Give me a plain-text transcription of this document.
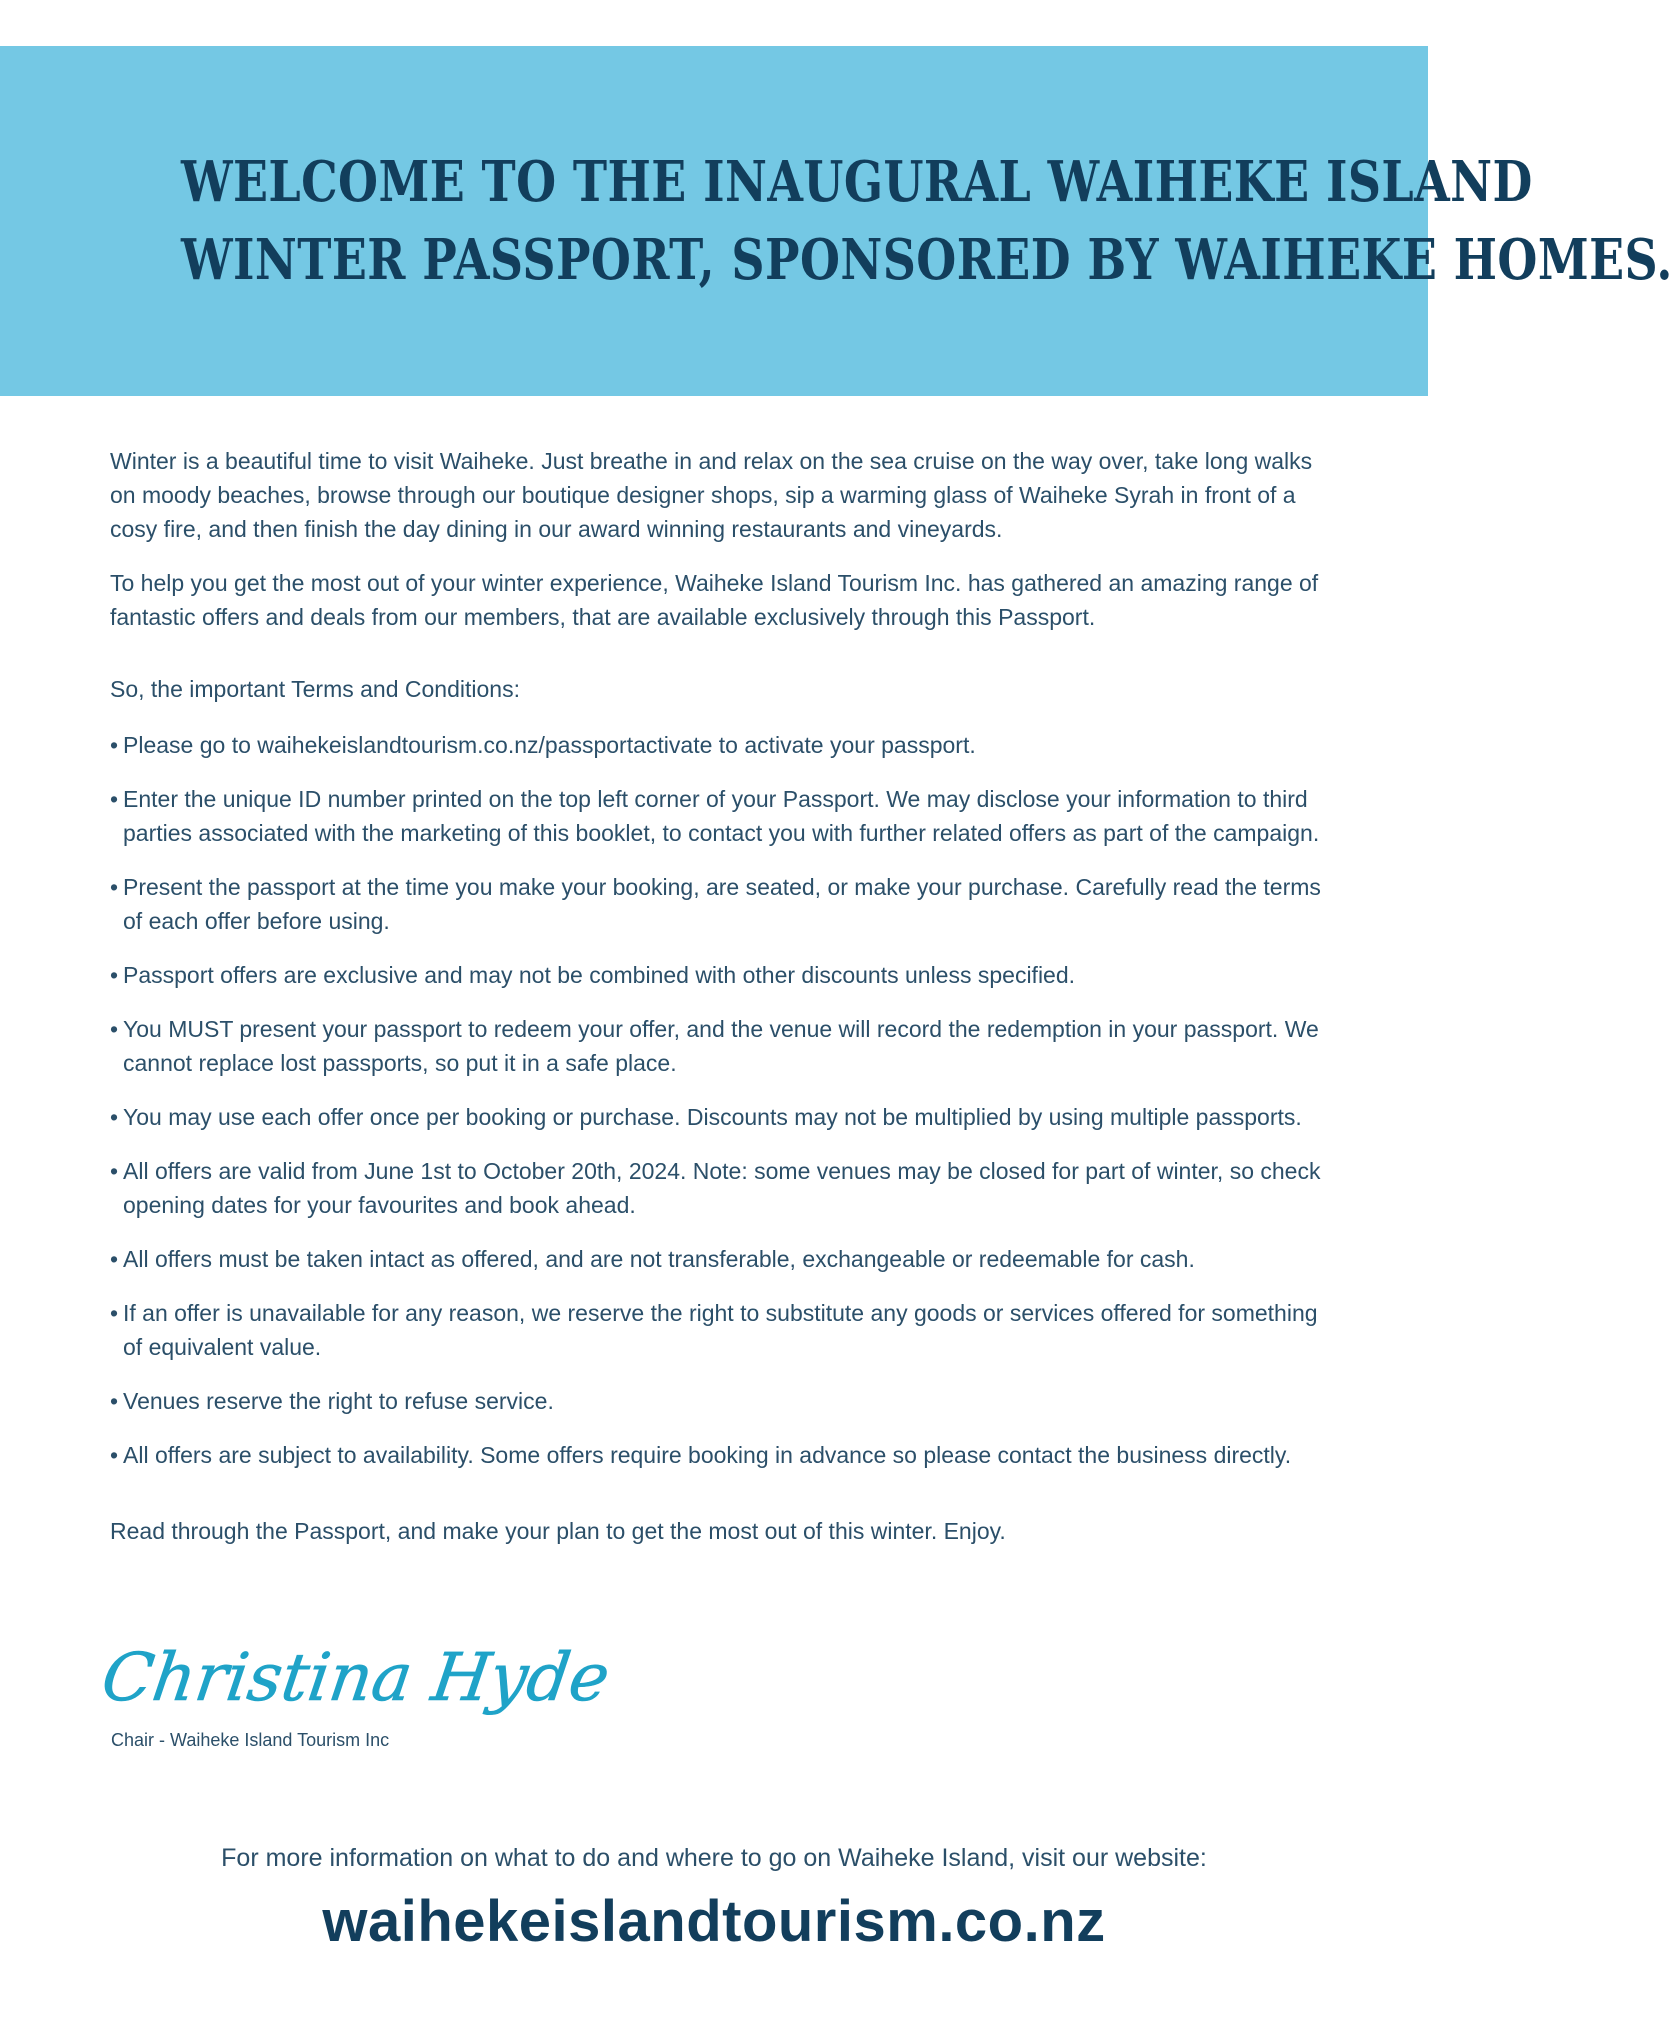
WELCOME TO THE INAUGURAL WAIHEKE ISLAND
WINTER PASSPORT, SPONSORED BY WAIHEKE HOMES.

Winter is a beautiful time to visit Waiheke. Just breathe in and relax on the sea cruise on the way over, take long walks on moody beaches, browse through our boutique designer shops, sip a warming glass of Waiheke Syrah in front of a cosy fire, and then finish the day dining in our award winning restaurants and vineyards.

To help you get the most out of your winter experience, Waiheke Island Tourism Inc. has gathered an amazing range of fantastic offers and deals from our members, that are available exclusively through this Passport.

So, the important Terms and Conditions:

• Please go to waihekeislandtourism.co.nz/passportactivate to activate your passport.
• Enter the unique ID number printed on the top left corner of your Passport. We may disclose your information to third parties associated with the marketing of this booklet, to contact you with further related offers as part of the campaign.
• Present the passport at the time you make your booking, are seated, or make your purchase. Carefully read the terms of each offer before using.
• Passport offers are exclusive and may not be combined with other discounts unless specified.
• You MUST present your passport to redeem your offer, and the venue will record the redemption in your passport. We cannot replace lost passports, so put it in a safe place.
• You may use each offer once per booking or purchase. Discounts may not be multiplied by using multiple passports.
• All offers are valid from June 1st to October 20th, 2024. Note: some venues may be closed for part of winter, so check opening dates for your favourites and book ahead.
• All offers must be taken intact as offered, and are not transferable, exchangeable or redeemable for cash.
• If an offer is unavailable for any reason, we reserve the right to substitute any goods or services offered for something of equivalent value.
• Venues reserve the right to refuse service.
• All offers are subject to availability. Some offers require booking in advance so please contact the business directly.

Read through the Passport, and make your plan to get the most out of this winter. Enjoy.

Christina Hyde
Chair - Waiheke Island Tourism Inc
For more information on what to do and where to go on Waiheke Island, visit our website:
waihekeislandtourism.co.nz
